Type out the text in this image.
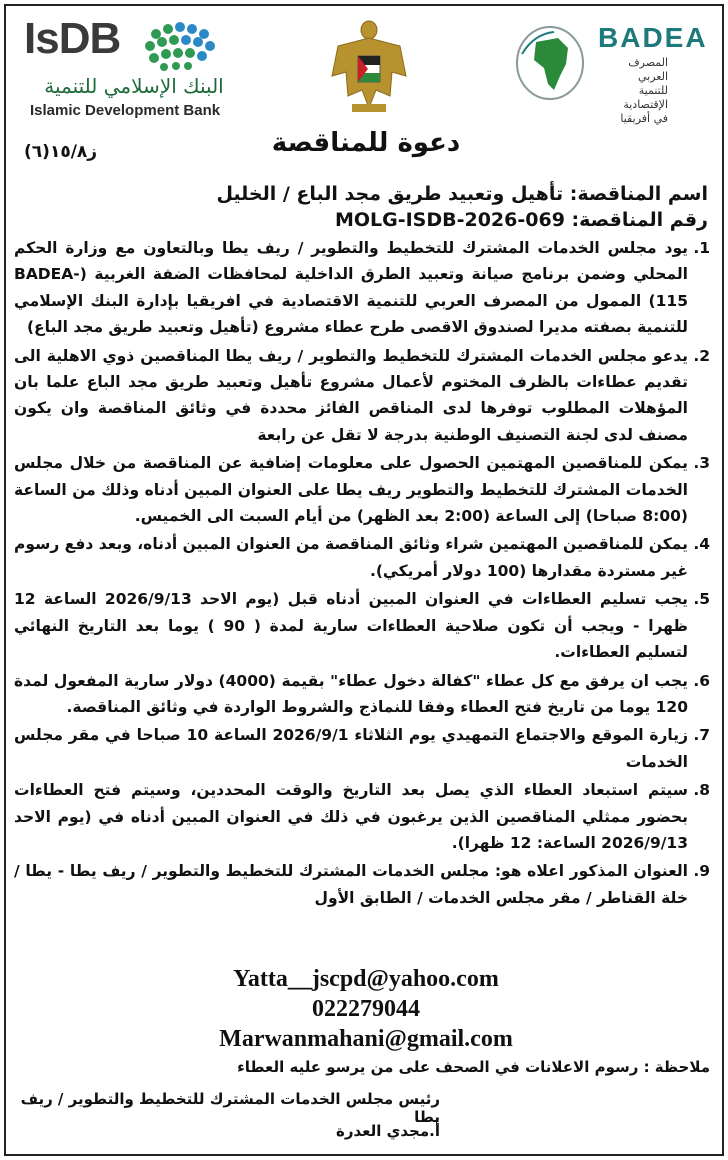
IsDB
البنك الإسلامي للتنمية
Islamic Development Bank
BADEA
المصرف العربي
للتنمية الإقتصادية
في أفريقيا
دعوة للمناقصة
ز١٥/٨(٦)
اسم المناقصة: تأهيل وتعبيد طريق مجد الباع / الخليل
رقم المناقصة: MOLG-ISDB-2026-069
1.
يود مجلس الخدمات المشترك للتخطيط والتطوير / ريف يطا وبالتعاون مع وزارة الحكم المحلي وضمن برنامج صيانة وتعبيد الطرق الداخلية لمحافظات الضفة الغربية (BADEA-115) الممول من المصرف العربي للتنمية الاقتصادية في افريقيا بإدارة البنك الإسلامي للتنمية بصفته مديرا لصندوق الاقصى طرح عطاء مشروع (تأهيل وتعبيد طريق مجد الباع)
2.
يدعو مجلس الخدمات المشترك للتخطيط والتطوير / ريف يطا المناقصين ذوي الاهلية الى تقديم عطاءات بالظرف المختوم لأعمال مشروع تأهيل وتعبيد طريق مجد الباع علما بان المؤهلات المطلوب توفرها لدى المناقص الفائز محددة في وثائق المناقصة وان يكون مصنف لدى لجنة التصنيف الوطنية بدرجة لا تقل عن رابعة
3.
يمكن للمناقصين المهتمين الحصول على معلومات إضافية عن المناقصة من خلال مجلس الخدمات المشترك للتخطيط والتطوير ريف يطا على العنوان المبين أدناه وذلك من الساعة (8:00 صباحا) إلى الساعة (2:00 بعد الظهر) من أيام السبت الى الخميس.
4.
يمكن للمناقصين المهتمين شراء وثائق المناقصة من العنوان المبين أدناه، وبعد دفع رسوم غير مستردة مقدارها (100 دولار أمريكي).
5.
يجب تسليم العطاءات في العنوان المبين أدناه قبل (يوم الاحد 2026/9/13 الساعة 12 ظهرا - ويجب أن تكون صلاحية العطاءات سارية لمدة ( 90 ) يوما بعد التاريخ النهائي لتسليم العطاءات.
6.
يجب ان يرفق مع كل عطاء "كفالة دخول عطاء" بقيمة (4000) دولار سارية المفعول لمدة 120 يوما من تاريخ فتح العطاء وفقا للنماذج والشروط الواردة في وثائق المناقصة.
7.
زيارة الموقع والاجتماع التمهيدي يوم الثلاثاء 2026/9/1 الساعة 10 صباحا في مقر مجلس الخدمات
8.
سيتم استبعاد العطاء الذي يصل بعد التاريخ والوقت المحددين، وسيتم فتح العطاءات بحضور ممثلي المناقصين الذين يرغبون في ذلك في العنوان المبين أدناه في (يوم الاحد 2026/9/13 الساعة: 12 ظهرا).
9.
العنوان المذكور اعلاه هو: مجلس الخدمات المشترك للتخطيط والتطوير / ريف يطا - يطا / خلة القناطر / مقر مجلس الخدمات / الطابق الأول
Yatta__jscpd@yahoo.com
022279044
Marwanmahani@gmail.com
ملاحظة : رسوم الاعلانات في الصحف على من يرسو عليه العطاء
رئيس مجلس الخدمات المشترك للتخطيط والتطوير / ريف يطا
أ.مجدي العدرة
